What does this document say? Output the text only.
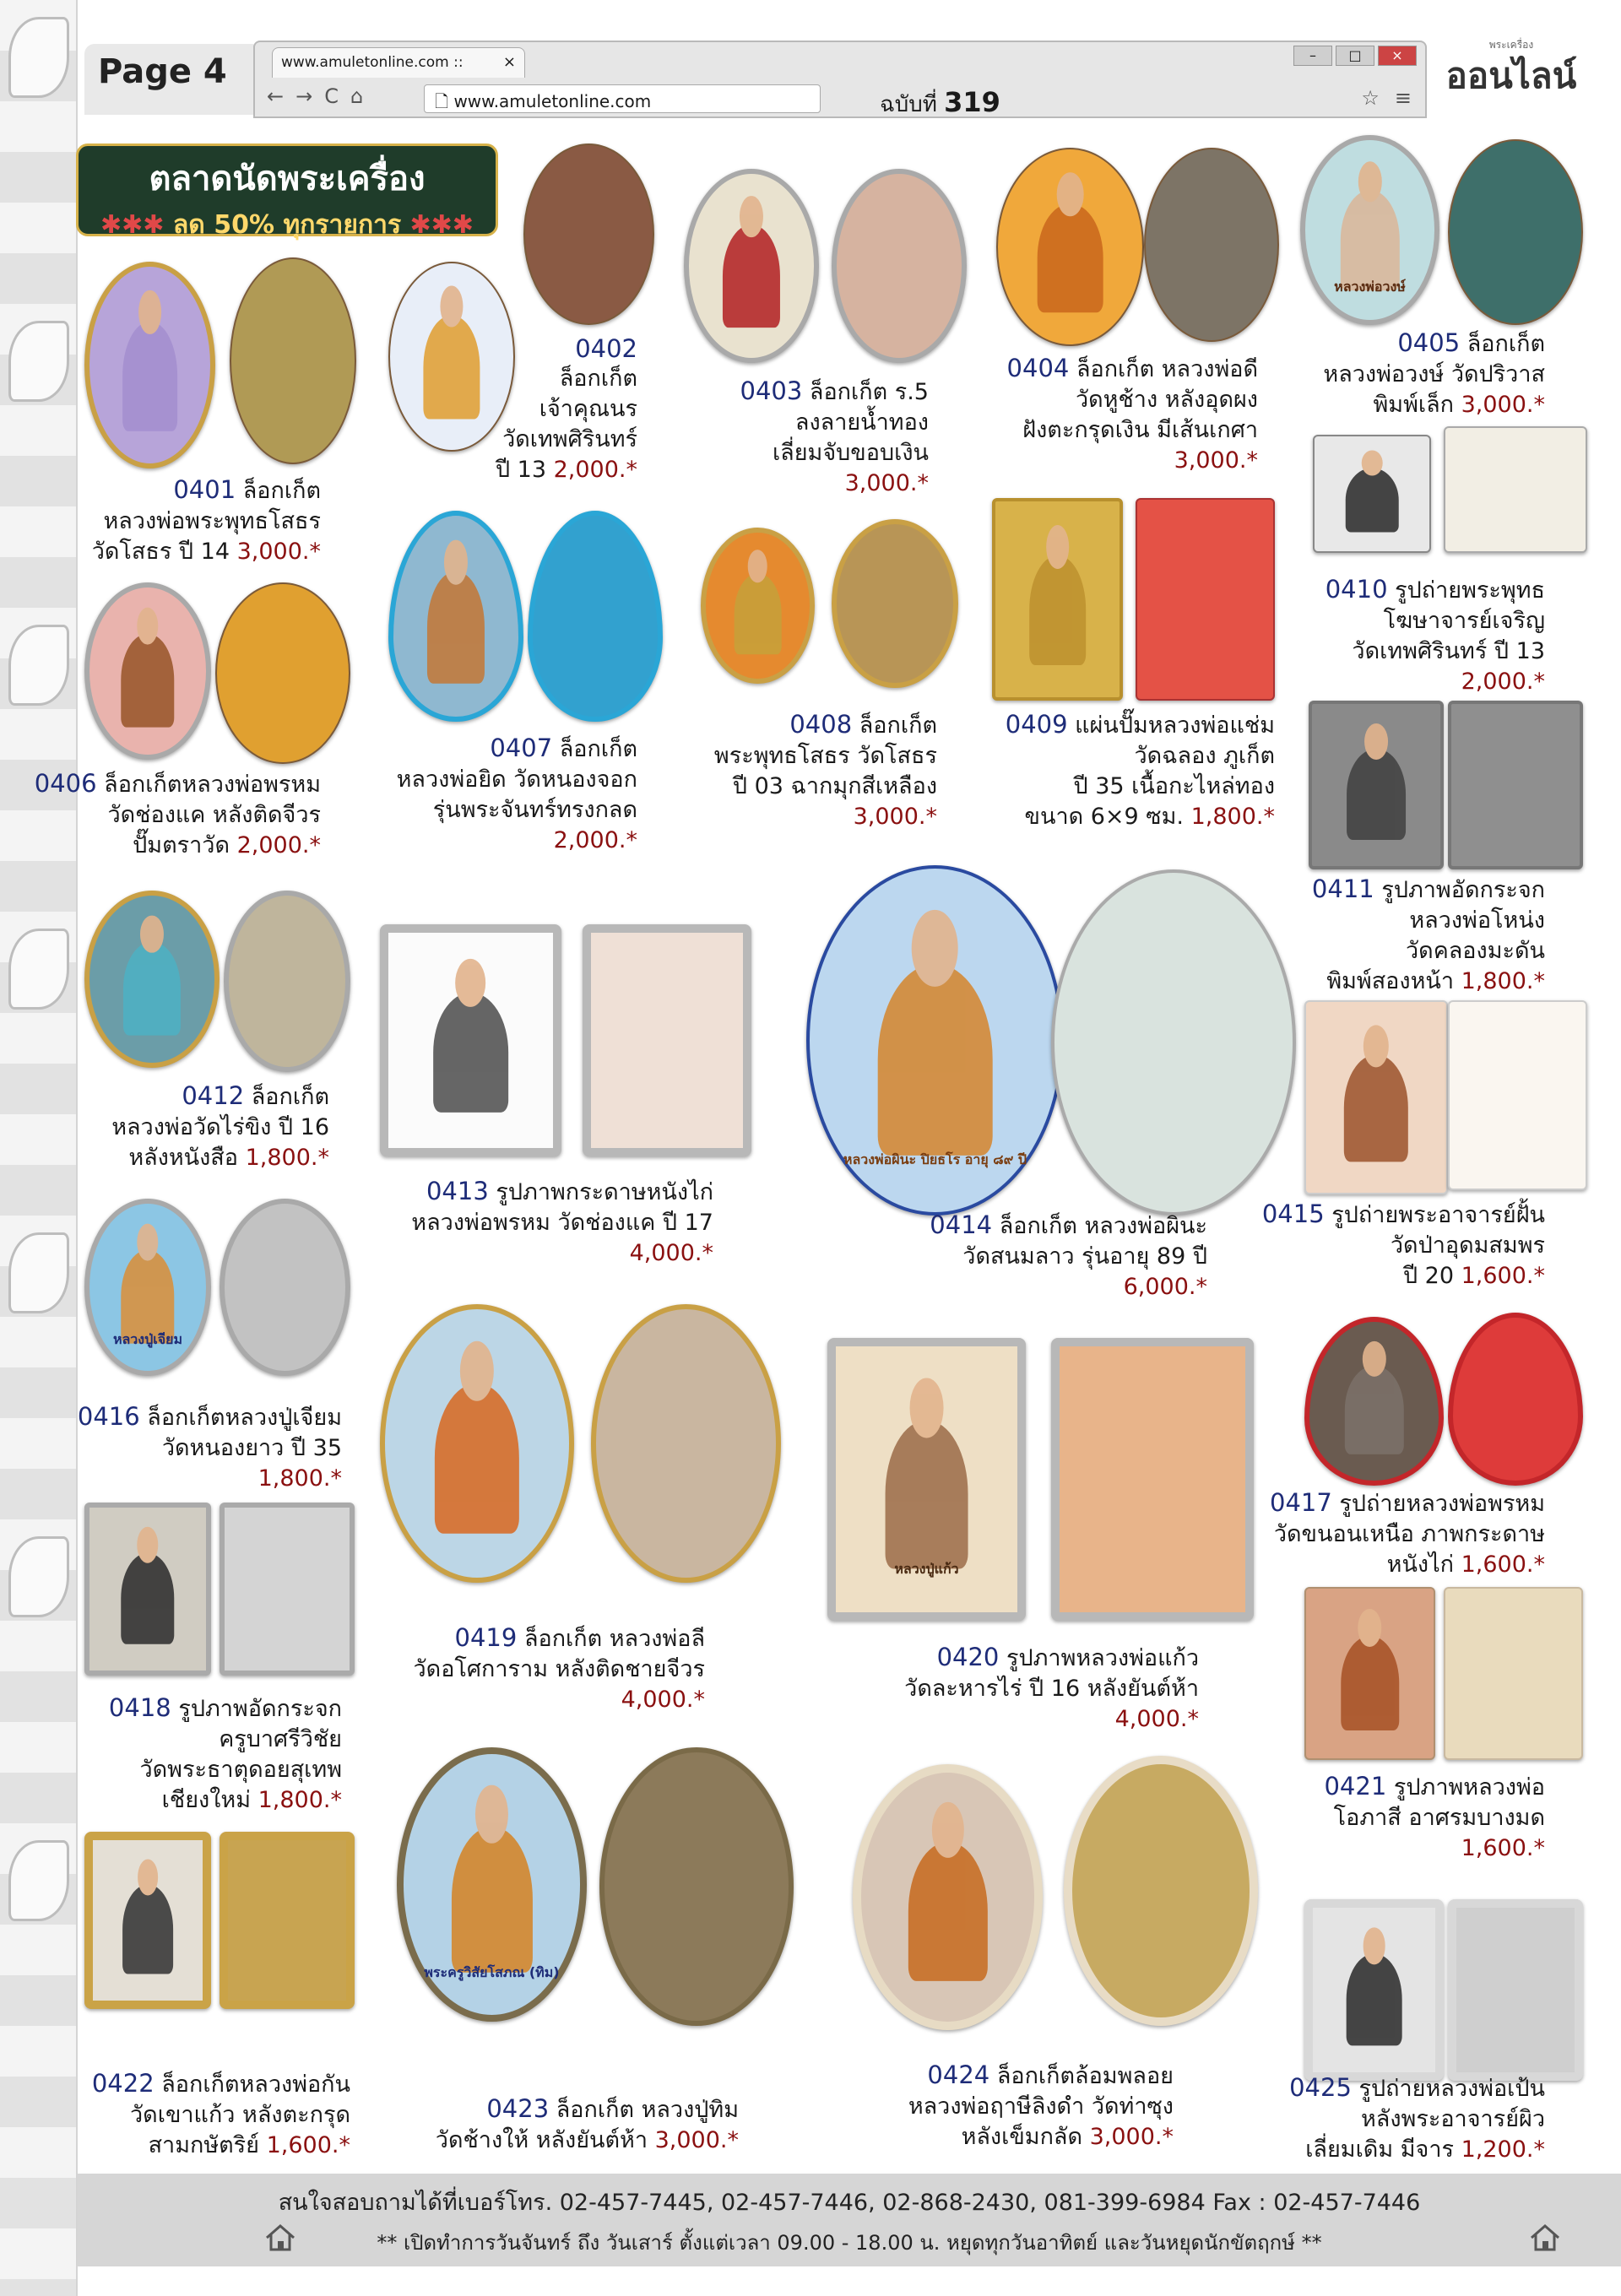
Page 4	www.amuletonline.com ::	×	–	□	×
← → C ⌂	🗋 www.amuletonline.com	ฉบับที่ 319	☆ ≡
พระเครื่อง
ออนไลน์
ตลาดนัดพระเครื่อง
✱✱✱ ลด 50% ทุกรายการ ✱✱✱
หลวงพ่อวงษ์
หลวงพ่อผินะ ปิยธโร อายุ ๘๙ ปี
หลวงปู่เจียม
หลวงปู่แก้ว
พระครูวิสัยโสภณ (ทิม)
0401 ล็อกเก็ต
หลวงพ่อพระพุทธโสธร
วัดโสธร ปี 14 3,000.*
0402
ล็อกเก็ต
เจ้าคุณนร
วัดเทพศิรินทร์
ปี 13 2,000.*
0403 ล็อกเก็ต ร.5
ลงลายน้ำทอง
เลี่ยมจับขอบเงิน
3,000.*
0404 ล็อกเก็ต หลวงพ่อดี
วัดหูช้าง หลังอุดผง
ฝังตะกรุดเงิน มีเส้นเกศา
3,000.*
0405 ล็อกเก็ต
หลวงพ่อวงษ์ วัดปริวาส
พิมพ์เล็ก 3,000.*
0410 รูปถ่ายพระพุทธ
โฆษาจารย์เจริญ
วัดเทพศิรินทร์ ปี 13
2,000.*
0406 ล็อกเก็ตหลวงพ่อพรหม
วัดช่องแค หลังติดจีวร
ปั๊มตราวัด 2,000.*
0407 ล็อกเก็ต
หลวงพ่อยิด วัดหนองจอก
รุ่นพระจันทร์ทรงกลด
2,000.*
0408 ล็อกเก็ต
พระพุทธโสธร วัดโสธร
ปี 03 ฉากมุกสีเหลือง
3,000.*
0409 แผ่นปั๊มหลวงพ่อแช่ม
วัดฉลอง ภูเก็ต
ปี 35 เนื้อกะไหล่ทอง
ขนาด 6×9 ซม. 1,800.*
0411 รูปภาพอัดกระจก
หลวงพ่อโหน่ง
วัดคลองมะดัน
พิมพ์สองหน้า 1,800.*
0412 ล็อกเก็ต
หลวงพ่อวัดไร่ขิง ปี 16
หลังหนังสือ 1,800.*
0413 รูปภาพกระดาษหนังไก่
หลวงพ่อพรหม วัดช่องแค ปี 17
4,000.*
0414 ล็อกเก็ต หลวงพ่อผินะ
วัดสนมลาว รุ่นอายุ 89 ปี
6,000.*
0415 รูปถ่ายพระอาจารย์ฝั้น
วัดป่าอุดมสมพร
ปี 20 1,600.*
0416 ล็อกเก็ตหลวงปู่เจียม
วัดหนองยาว ปี 35
1,800.*
0417 รูปถ่ายหลวงพ่อพรหม
วัดขนอนเหนือ ภาพกระดาษ
หนังไก่ 1,600.*
0418 รูปภาพอัดกระจก
ครูบาศรีวิชัย
วัดพระธาตุดอยสุเทพ
เชียงใหม่ 1,800.*
0419 ล็อกเก็ต หลวงพ่อลี
วัดอโศการาม หลังติดชายจีวร
4,000.*
0420 รูปภาพหลวงพ่อแก้ว
วัดละหารไร่ ปี 16 หลังยันต์ห้า
4,000.*
0421 รูปภาพหลวงพ่อ
โอภาสี อาศรมบางมด
1,600.*
0422 ล็อกเก็ตหลวงพ่อกัน
วัดเขาแก้ว หลังตะกรุด
สามกษัตริย์ 1,600.*
0423 ล็อกเก็ต หลวงปู่ทิม
วัดช้างให้ หลังยันต์ห้า 3,000.*
0424 ล็อกเก็ตล้อมพลอย
หลวงพ่อฤาษีลิงดำ วัดท่าซุง
หลังเข็มกลัด 3,000.*
0425 รูปถ่ายหลวงพ่อเป้น
หลังพระอาจารย์ผิว
เลี่ยมเดิม มีจาร 1,200.*
สนใจสอบถามได้ที่เบอร์โทร. 02-457-7445, 02-457-7446, 02-868-2430, 081-399-6984 Fax : 02-457-7446
** เปิดทำการวันจันทร์ ถึง วันเสาร์ ตั้งแต่เวลา 09.00 - 18.00 น. หยุดทุกวันอาทิตย์ และวันหยุดนักขัตฤกษ์ **
